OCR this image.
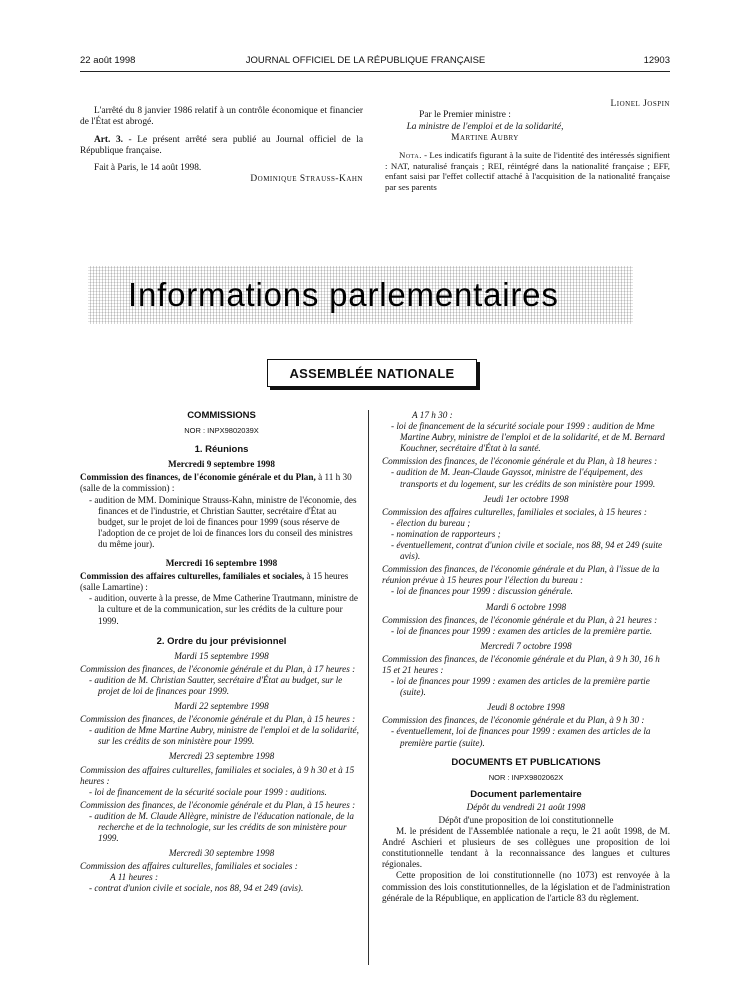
22 août 1998	JOURNAL OFFICIEL DE LA RÉPUBLIQUE FRANÇAISE	12903

L'arrêté du 8 janvier 1986 relatif à un contrôle économique et financier de l'État est abrogé.

Art. 3. - Le présent arrêté sera publié au Journal officiel de la République française.

Fait à Paris, le 14 août 1998.

Dominique Strauss-Kahn

Lionel Jospin

Par le Premier ministre :

La ministre de l'emploi et de la solidarité,

Martine Aubry

Nota. - Les indicatifs figurant à la suite de l'identité des intéressés signifient : NAT, naturalisé français ; REI, réintégré dans la nationalité française ; EFF, enfant saisi par l'effet collectif attaché à l'acquisition de la nationalité française par ses parents

Informations parlementaires
ASSEMBLÉE NATIONALE

COMMISSIONS

NOR : INPX9802039X

1. Réunions

Mercredi 9 septembre 1998

Commission des finances, de l'économie générale et du Plan, à 11 h 30 (salle de la commission) :

- audition de MM. Dominique Strauss-Kahn, ministre de l'économie, des finances et de l'industrie, et Christian Sautter, secrétaire d'État au budget, sur le projet de loi de finances pour 1999 (sous réserve de l'adoption de ce projet de loi de finances lors du conseil des ministres du même jour).

Mercredi 16 septembre 1998

Commission des affaires culturelles, familiales et sociales, à 15 heures (salle Lamartine) :

- audition, ouverte à la presse, de Mme Catherine Trautmann, ministre de la culture et de la communication, sur les crédits de la culture pour 1999.

2. Ordre du jour prévisionnel

Mardi 15 septembre 1998

Commission des finances, de l'économie générale et du Plan, à 17 heures :

- audition de M. Christian Sautter, secrétaire d'État au budget, sur le projet de loi de finances pour 1999.

Mardi 22 septembre 1998

Commission des finances, de l'économie générale et du Plan, à 15 heures :

- audition de Mme Martine Aubry, ministre de l'emploi et de la solidarité, sur les crédits de son ministère pour 1999.

Mercredi 23 septembre 1998

Commission des affaires culturelles, familiales et sociales, à 9 h 30 et à 15 heures :

- loi de financement de la sécurité sociale pour 1999 : auditions.

Commission des finances, de l'économie générale et du Plan, à 15 heures :

- audition de M. Claude Allègre, ministre de l'éducation nationale, de la recherche et de la technologie, sur les crédits de son ministère pour 1999.

Mercredi 30 septembre 1998

Commission des affaires culturelles, familiales et sociales :

A 11 heures :

- contrat d'union civile et sociale, nos 88, 94 et 249 (avis).

A 17 h 30 :

- loi de financement de la sécurité sociale pour 1999 : audition de Mme Martine Aubry, ministre de l'emploi et de la solidarité, et de M. Bernard Kouchner, secrétaire d'État à la santé.

Commission des finances, de l'économie générale et du Plan, à 18 heures :

- audition de M. Jean-Claude Gayssot, ministre de l'équipement, des transports et du logement, sur les crédits de son ministère pour 1999.

Jeudi 1er octobre 1998

Commission des affaires culturelles, familiales et sociales, à 15 heures :

- élection du bureau ;

- nomination de rapporteurs ;

- éventuellement, contrat d'union civile et sociale, nos 88, 94 et 249 (suite avis).

Commission des finances, de l'économie générale et du Plan, à l'issue de la réunion prévue à 15 heures pour l'élection du bureau :

- loi de finances pour 1999 : discussion générale.

Mardi 6 octobre 1998

Commission des finances, de l'économie générale et du Plan, à 21 heures :

- loi de finances pour 1999 : examen des articles de la première partie.

Mercredi 7 octobre 1998

Commission des finances, de l'économie générale et du Plan, à 9 h 30, 16 h 15 et 21 heures :

- loi de finances pour 1999 : examen des articles de la première partie (suite).

Jeudi 8 octobre 1998

Commission des finances, de l'économie générale et du Plan, à 9 h 30 :

- éventuellement, loi de finances pour 1999 : examen des articles de la première partie (suite).

DOCUMENTS ET PUBLICATIONS

NOR : INPX9802062X

Document parlementaire

Dépôt du vendredi 21 août 1998

Dépôt d'une proposition de loi constitutionnelle

M. le président de l'Assemblée nationale a reçu, le 21 août 1998, de M. André Aschieri et plusieurs de ses collègues une proposition de loi constitutionnelle tendant à la reconnaissance des langues et cultures régionales.

Cette proposition de loi constitutionnelle (no 1073) est renvoyée à la commission des lois constitutionnelles, de la législation et de l'administration générale de la République, en application de l'article 83 du règlement.
